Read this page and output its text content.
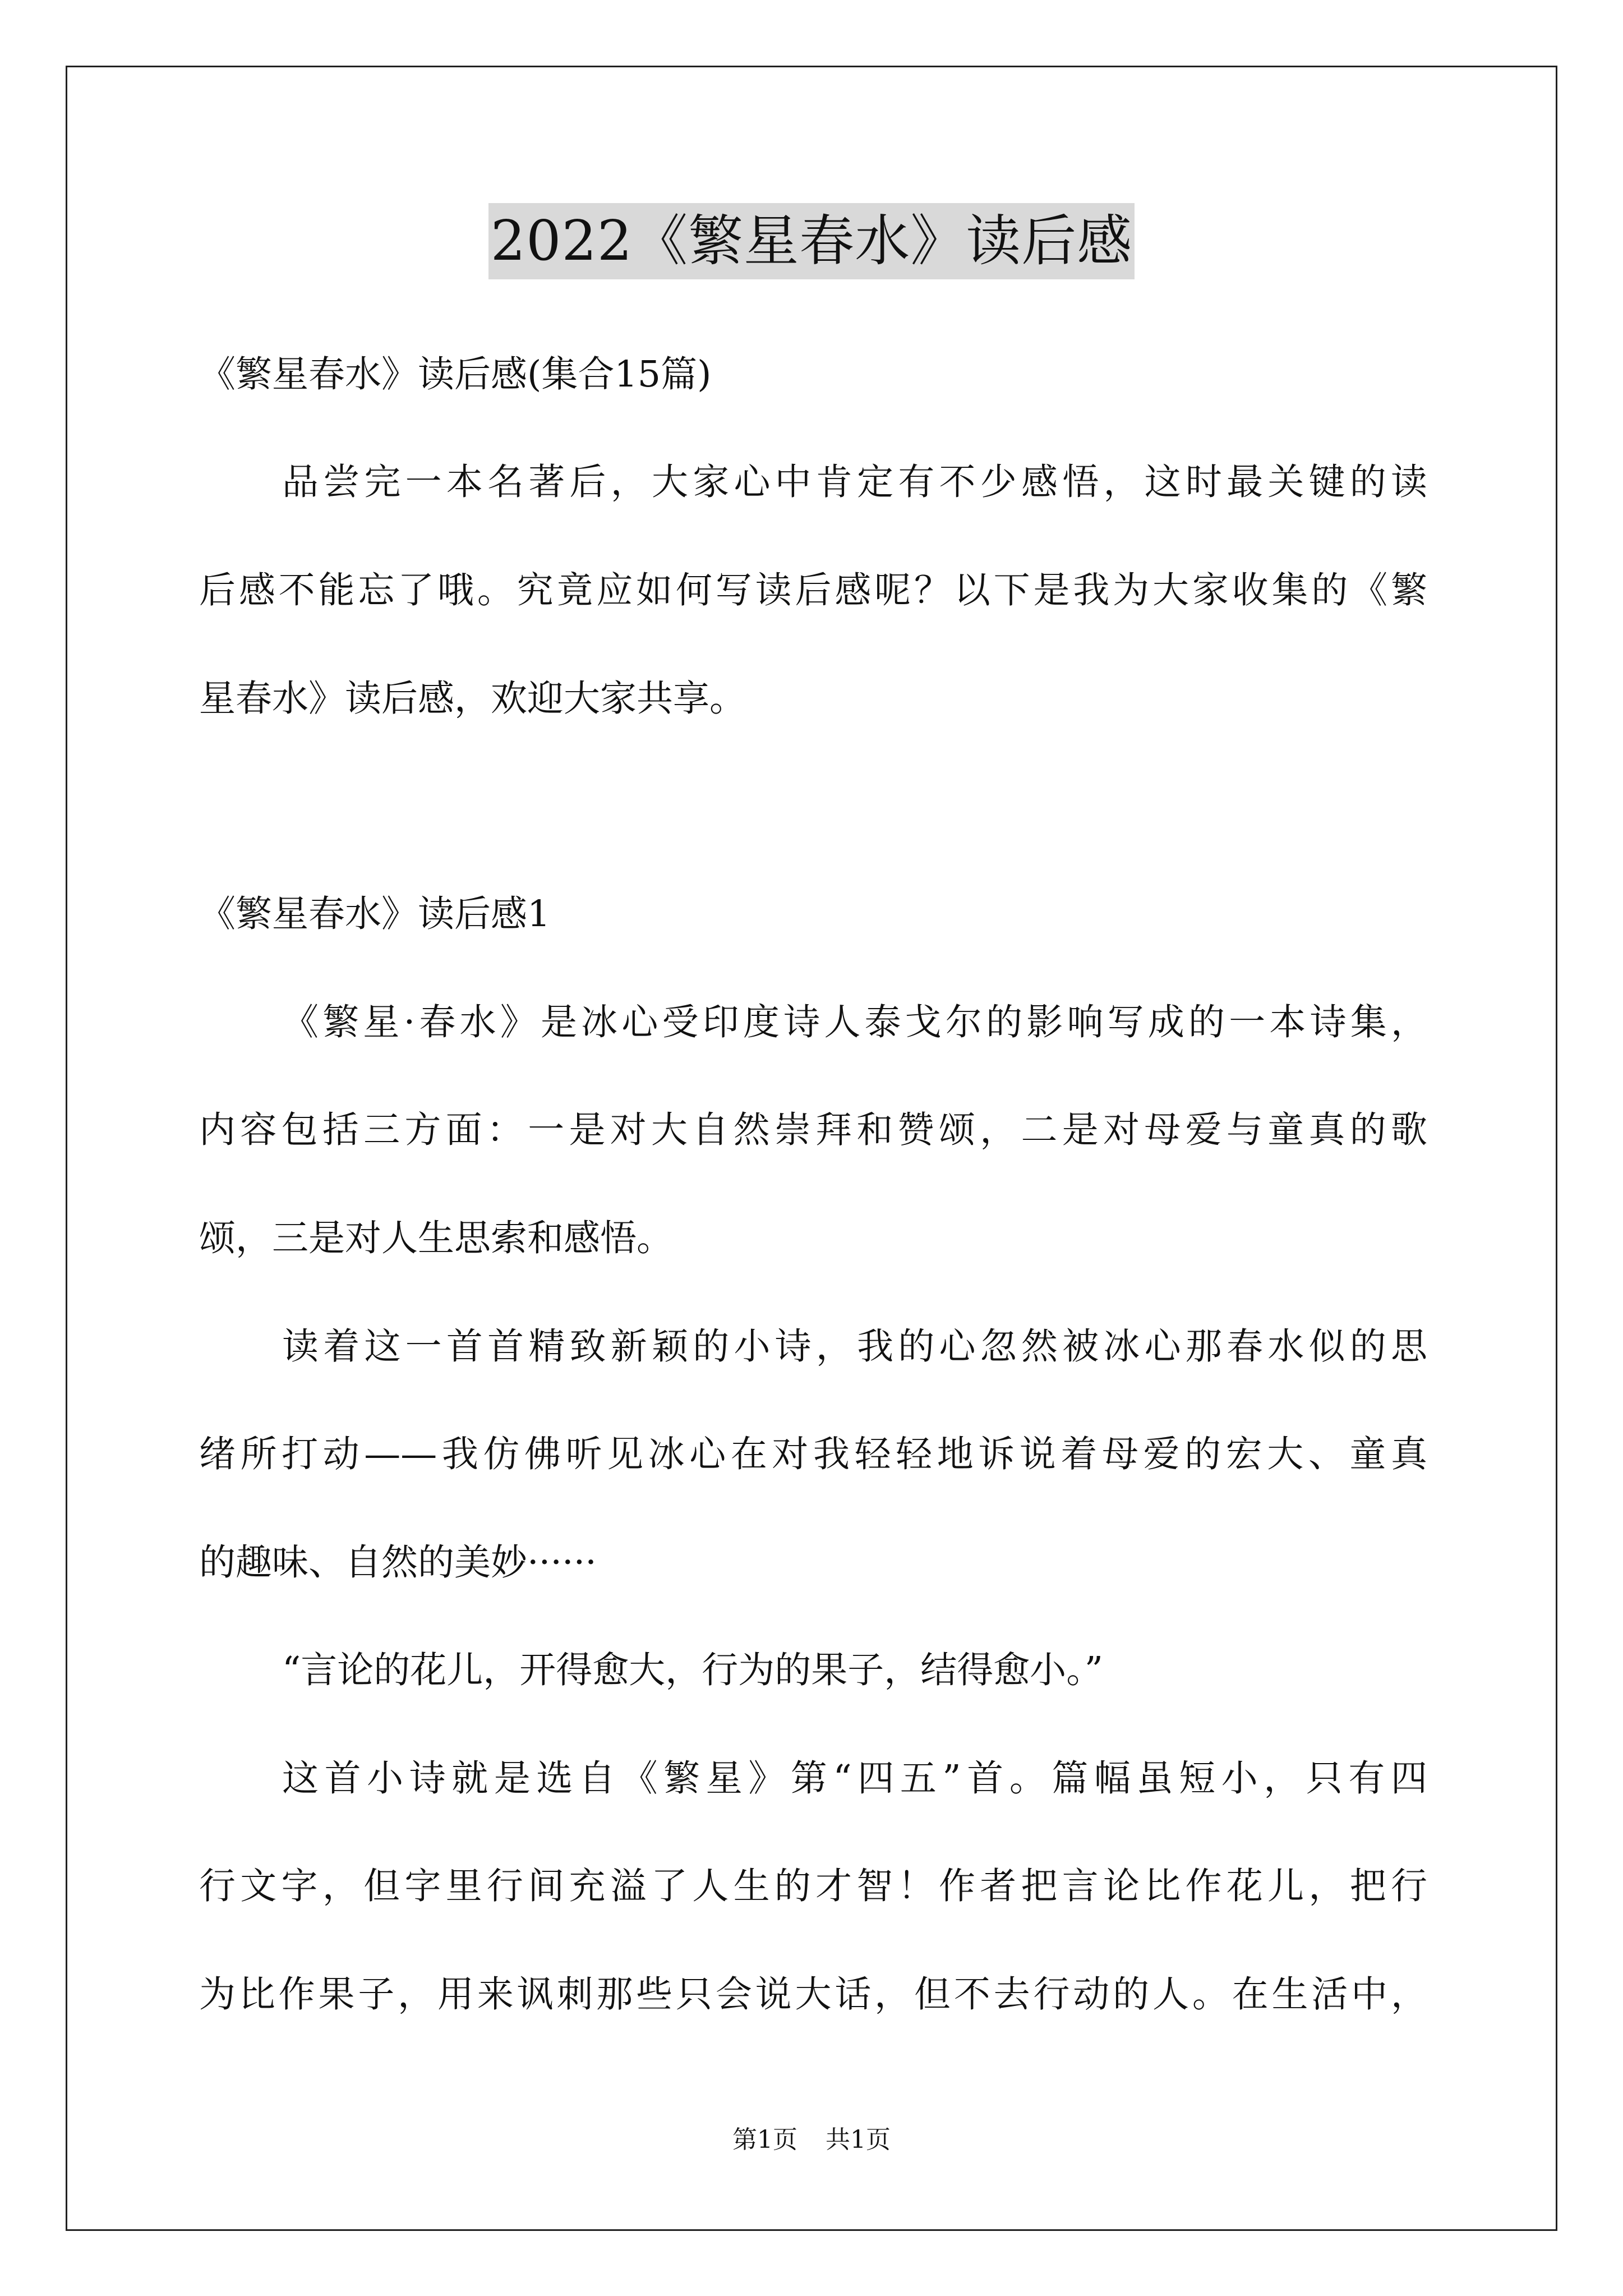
2022《繁星春水》读后感
《繁星春水》读后感(集合15篇)
品尝完一本名著后，大家心中肯定有不少感悟，这时最关键的读
后感不能忘了哦。究竟应如何写读后感呢？以下是我为大家收集的《繁
星春水》读后感，欢迎大家共享。
《繁星春水》读后感1
《繁星·春水》是冰心受印度诗人泰戈尔的影响写成的一本诗集，
内容包括三方面：一是对大自然崇拜和赞颂，二是对母爱与童真的歌
颂，三是对人生思索和感悟。
读着这一首首精致新颖的小诗，我的心忽然被冰心那春水似的思
绪所打动——我仿佛听见冰心在对我轻轻地诉说着母爱的宏大、童真
的趣味、自然的美妙······
“言论的花儿，开得愈大，行为的果子，结得愈小。”
这首小诗就是选自《繁星》第“四五”首。篇幅虽短小，只有四
行文字，但字里行间充溢了人生的才智！作者把言论比作花儿，把行
为比作果子，用来讽刺那些只会说大话，但不去行动的人。在生活中，
第1页 共1页
